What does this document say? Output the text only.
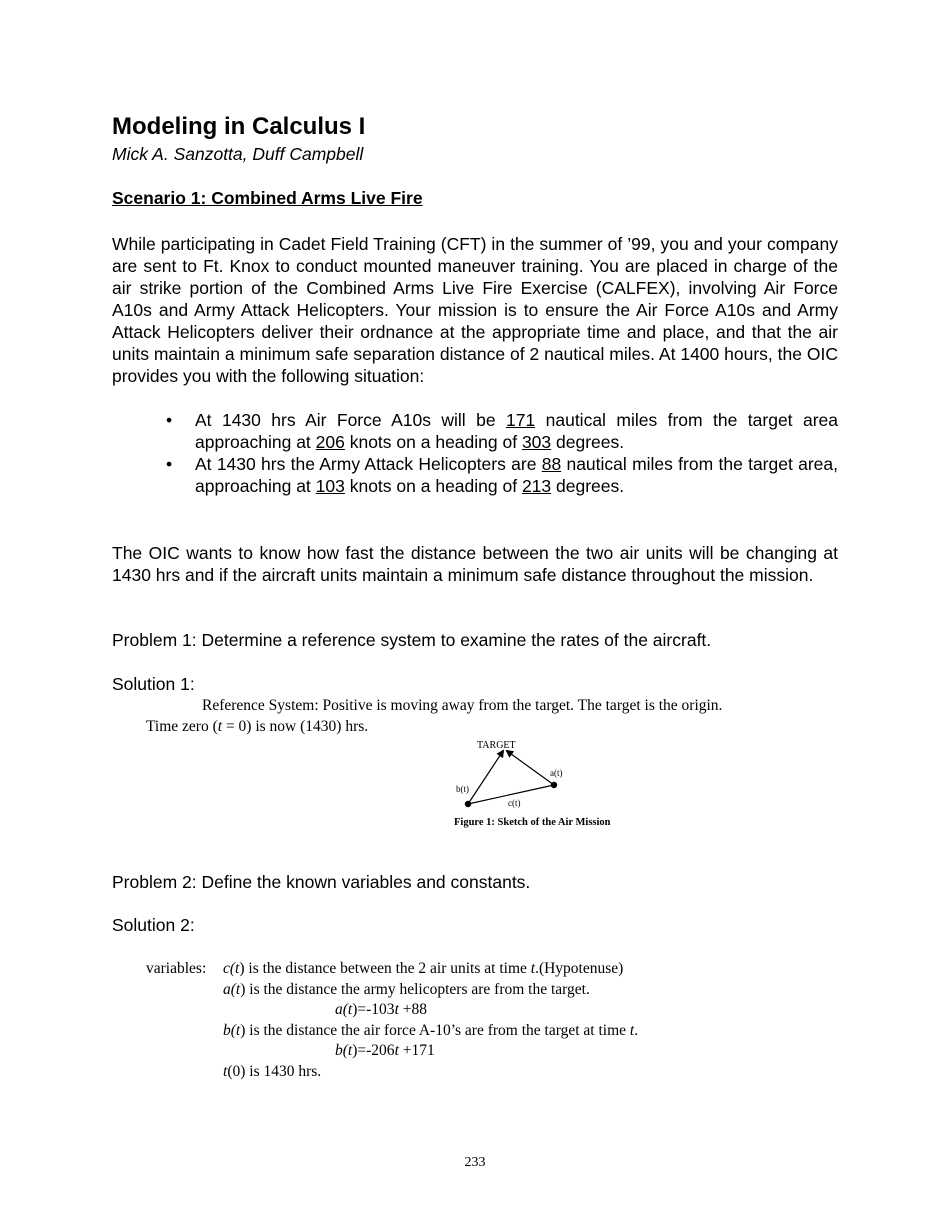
Modeling in Calculus I
Mick A. Sanzotta, Duff Campbell
Scenario 1: Combined Arms Live Fire
While participating in Cadet Field Training (CFT) in the summer of ’99, you and your company are sent to Ft. Knox to conduct mounted maneuver training. You are placed in charge of the air strike portion of the Combined Arms Live Fire Exercise (CALFEX), involving Air Force A10s and Army Attack Helicopters. Your mission is to ensure the Air Force A10s and Army Attack Helicopters deliver their ordnance at the appropriate time and place, and that the air units maintain a minimum safe separation distance of 2 nautical miles. At 1400 hours, the OIC provides you with the following situation:
• At 1430 hrs Air Force A10s will be 171 nautical miles from the target area approaching at 206 knots on a heading of 303 degrees.
• At 1430 hrs the Army Attack Helicopters are 88 nautical miles from the target area, approaching at 103 knots on a heading of 213 degrees.
The OIC wants to know how fast the distance between the two air units will be changing at 1430 hrs and if the aircraft units maintain a minimum safe distance throughout the mission.
Problem 1: Determine a reference system to examine the rates of the aircraft.
Solution 1:
Reference System: Positive is moving away from the target. The target is the origin.
Time zero (t = 0) is now (1430) hrs.
TARGET
a(t)
b(t)
c(t)
Figure 1: Sketch of the Air Mission
Problem 2: Define the known variables and constants.
Solution 2:
variables: c(t) is the distance between the 2 air units at time t.(Hypotenuse)
a(t) is the distance the army helicopters are from the target.
a(t)=-103t +88
b(t) is the distance the air force A-10’s are from the target at time t.
b(t)=-206t +171
t(0) is 1430 hrs.
233
